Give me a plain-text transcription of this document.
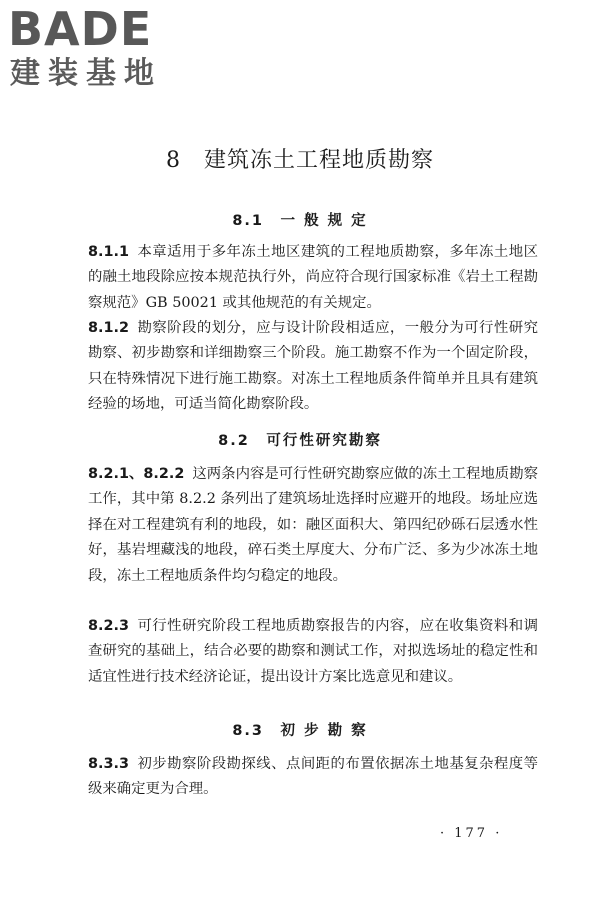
BADE
建装基地
8　建筑冻土工程地质勘察
8.1　一 般 规 定
8.1.1 本章适用于多年冻土地区建筑的工程地质勘察，多年冻土地区的融土地段除应按本规范执行外，尚应符合现行国家标准《岩土工程勘察规范》GB 50021 或其他规范的有关规定。
8.1.2 勘察阶段的划分，应与设计阶段相适应，一般分为可行性研究勘察、初步勘察和详细勘察三个阶段。施工勘察不作为一个固定阶段，只在特殊情况下进行施工勘察。对冻土工程地质条件简单并且具有建筑经验的场地，可适当简化勘察阶段。
8.2　可行性研究勘察
8.2.1、8.2.2 这两条内容是可行性研究勘察应做的冻土工程地质勘察工作，其中第 8.2.2 条列出了建筑场址选择时应避开的地段。场址应选择在对工程建筑有利的地段，如：融区面积大、第四纪砂砾石层透水性好，基岩埋藏浅的地段，碎石类土厚度大、分布广泛、多为少冰冻土地段，冻土工程地质条件均匀稳定的地段。
8.2.3 可行性研究阶段工程地质勘察报告的内容，应在收集资料和调查研究的基础上，结合必要的勘察和测试工作，对拟选场址的稳定性和适宜性进行技术经济论证，提出设计方案比选意见和建议。
8.3　初 步 勘 察
8.3.3 初步勘察阶段勘探线、点间距的布置依据冻土地基复杂程度等级来确定更为合理。
· 177 ·
